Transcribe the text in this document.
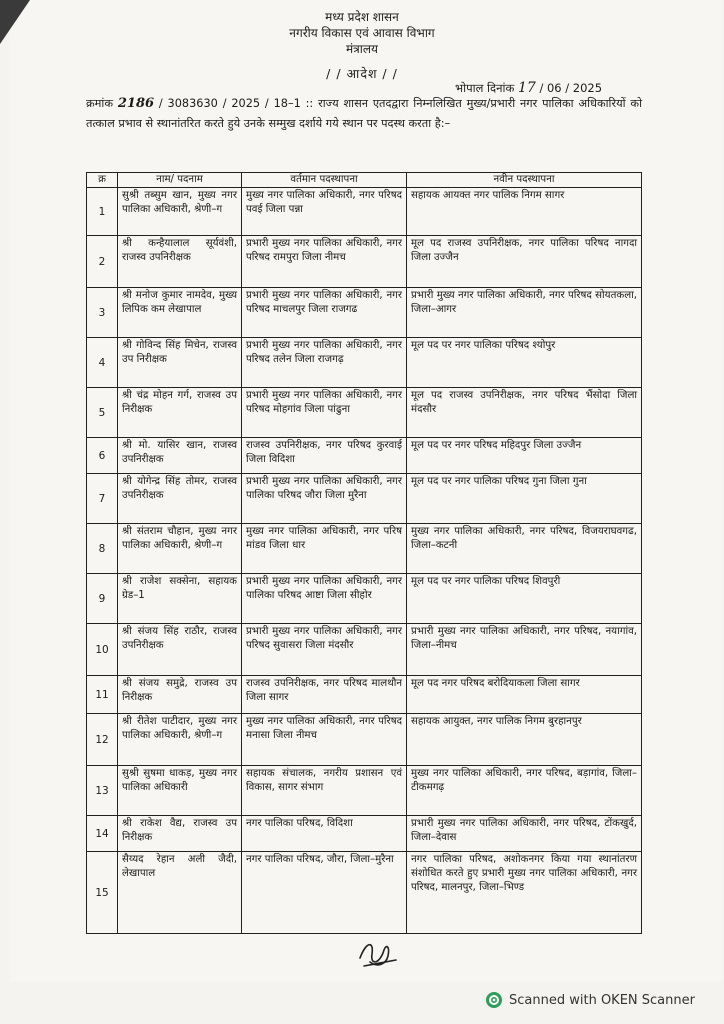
मध्य प्रदेश शासन
नगरीय विकास एवं आवास विभाग
मंत्रालय
/ / आदेश / /
भोपाल दिनांक 17 / 06 / 2025
क्रमांक 2186 / 3083630 / 2025 / 18–1 :: राज्य शासन एतदद्वारा निम्नलिखित मुख्य/प्रभारी नगर पालिका अधिकारियों को तत्काल प्रभाव से स्थानांतरित करते हुये उनके सम्मुख दर्शाये गये स्थान पर पदस्थ करता है:–
क्र	नाम/ पदनाम	वर्तमान पदस्थापना	नवीन पदस्थापना
1	सुश्री तब्‍सुम खान, मुख्य नगर पालिका अधिकारी, श्रेणी–ग	मुख्य नगर पालिका अधिकारी, नगर परिषद पवई जिला पन्ना	सहायक आयक्त नगर पालिक निगम सागर
2	श्री कन्हैयालाल सूर्यवंशी, राजस्व उपनिरीक्षक	प्रभारी मुख्य नगर पालिका अधिकारी, नगर परिषद रामपुरा जिला नीमच	मूल पद राजस्व उपनिरीक्षक, नगर पालिका परिषद नागदा जिला उज्जैन
3	श्री मनोज कुमार नामदेव, मुख्य लिपिक कम लेखापाल	प्रभारी मुख्य नगर पालिका अधिकारी, नगर परिषद माचलपुर जिला राजगढ	प्रभारी मुख्य नगर पालिका अधिकारी, नगर परिषद सोयतकला, जिला–आगर
4	श्री गोविन्द सिंह मिचेन, राजस्व उप निरीक्षक	प्रभारी मुख्य नगर पालिका अधिकारी, नगर परिषद तलेन जिला राजगढ़	मूल पद पर नगर पालिका परिषद श्योपुर
5	श्री चंद्र मोहन गर्ग, राजस्व उप निरीक्षक	प्रभारी मुख्य नगर पालिका अधिकारी, नगर परिषद मोहगांव जिला पांढुना	मूल पद राजस्व उपनिरीक्षक, नगर परिषद भैंसोदा जिला मंदसौर
6	श्री मो. यासिर खान, राजस्व उपनिरीक्षक	राजस्व उपनिरीक्षक, नगर परिषद कुरवाई जिला विदिशा	मूल पद पर नगर परिषद महिदपुर जिला उज्जैन
7	श्री योगेन्द्र सिंह तोमर, राजस्व उपनिरीक्षक	प्रभारी मुख्य नगर पालिका अधिकारी, नगर पालिका परिषद जौरा जिला मुरैना	मूल पद पर नगर पालिका परिषद गुना जिला गुना
8	श्री संतराम चौहान, मुख्य नगर पालिका अधिकारी, श्रेणी–ग	मुख्य नगर पालिका अधिकारी, नगर परिष मांडव जिला धार	मुख्य नगर पालिका अधिकारी, नगर परिषद, विजयराघवगढ, जिला–कटनी
9	श्री राजेश सक्सेना, सहायक ग्रेड–1	प्रभारी मुख्य नगर पालिका अधिकारी, नगर पालिका परिषद आष्टा जिला सीहोर	मूल पद पर नगर पालिका परिषद शिवपुरी
10	श्री संजय सिंह राठौर, राजस्व उपनिरीक्षक	प्रभारी मुख्य नगर पालिका अधिकारी, नगर परिषद सुवासरा जिला मंदसौर	प्रभारी मुख्य नगर पालिका अधिकारी, नगर परिषद, नयागांव, जिला–नीमच
11	श्री संजय समुद्रे, राजस्व उप निरीक्षक	राजस्व उपनिरीक्षक, नगर परिषद मालथौन जिला सागर	मूल पद नगर परिषद बरोदियाकला जिला सागर
12	श्री रीतेश पाटीदार, मुख्य नगर पालिका अधिकारी, श्रेणी–ग	मुख्य नगर पालिका अधिकारी, नगर परिषद मनासा जिला नीमच	सहायक आयुक्त, नगर पालिक निगम बुरहानपुर
13	सुश्री सुषमा धाकड़, मुख्य नगर पालिका अधिकारी	सहायक संचालक, नगरीय प्रशासन एवं विकास, सागर संभाग	मुख्य नगर पालिका अधिकारी, नगर परिषद, बड़ागांव, जिला–टीकमगढ़
14	श्री राकेश वैद्य, राजस्व उप निरीक्षक	नगर पालिका परिषद, विदिशा	प्रभारी मुख्य नगर पालिका अधिकारी, नगर परिषद, टोंकखुर्द, जिला–देवास
15	सैय्यद रेहान अली जैदी, लेखापाल	नगर पालिका परिषद, जौरा, जिला–मुरैना	नगर पालिका परिषद, अशोकनगर किया गया स्थानांतरण संशोधित करते हुए प्रभारी मुख्य नगर पालिका अधिकारी, नगर परिषद, मालनपुर, जिला–भिण्ड
Scanned with OKEN Scanner
